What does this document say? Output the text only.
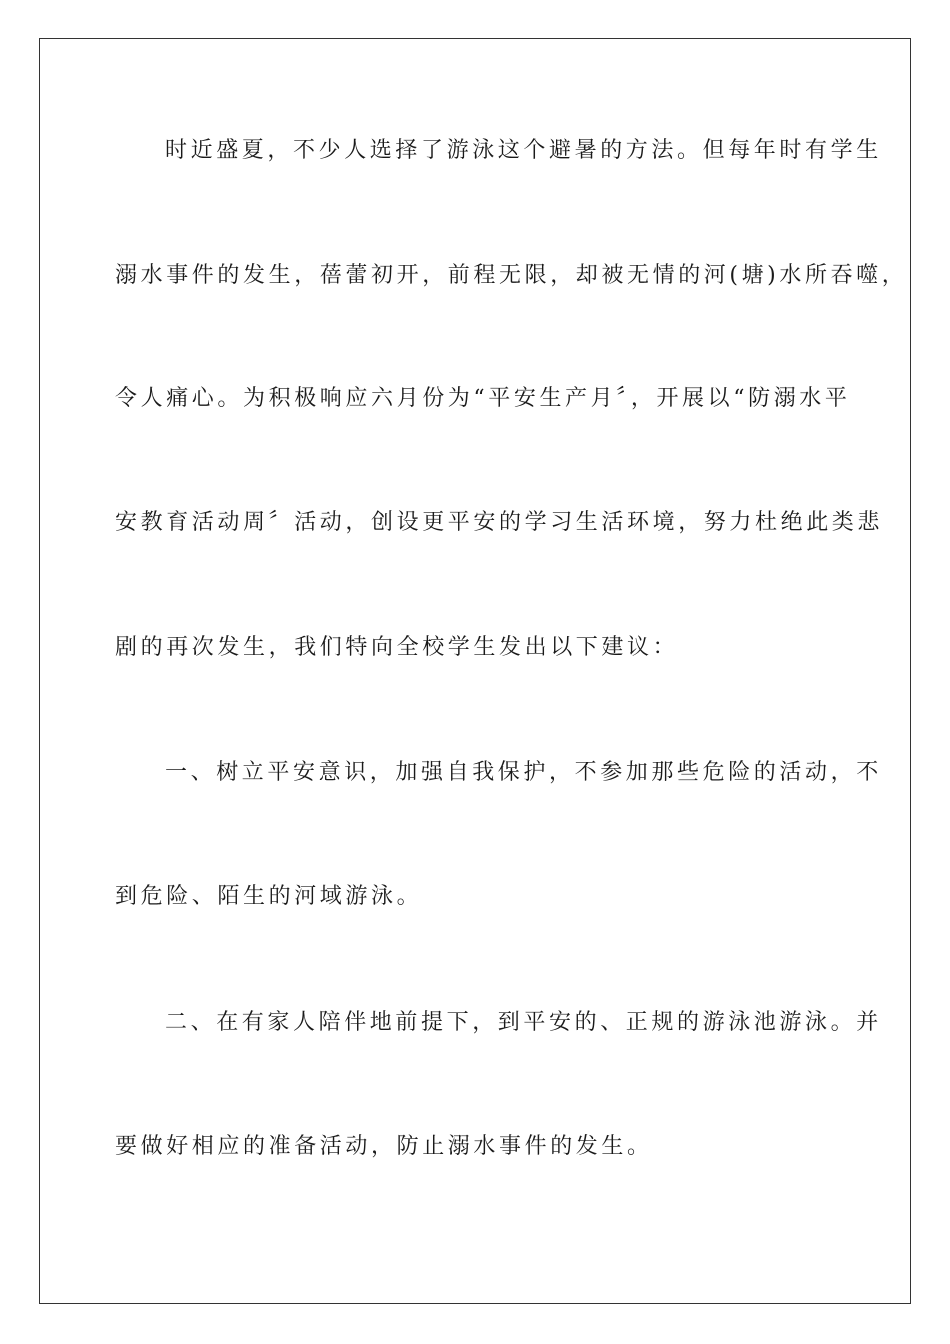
时近盛夏，不少人选择了游泳这个避暑的方法。但每年时有学生
溺水事件的发生，蓓蕾初开，前程无限，却被无情的河(塘)水所吞噬，
令人痛心。为积极响应六月份为“平安生产月〞，开展以“防溺水平
安教育活动周〞活动，创设更平安的学习生活环境，努力杜绝此类悲
剧的再次发生，我们特向全校学生发出以下建议：
一、树立平安意识，加强自我保护，不参加那些危险的活动，不
到危险、陌生的河域游泳。
二、在有家人陪伴地前提下，到平安的、正规的游泳池游泳。并
要做好相应的准备活动，防止溺水事件的发生。
